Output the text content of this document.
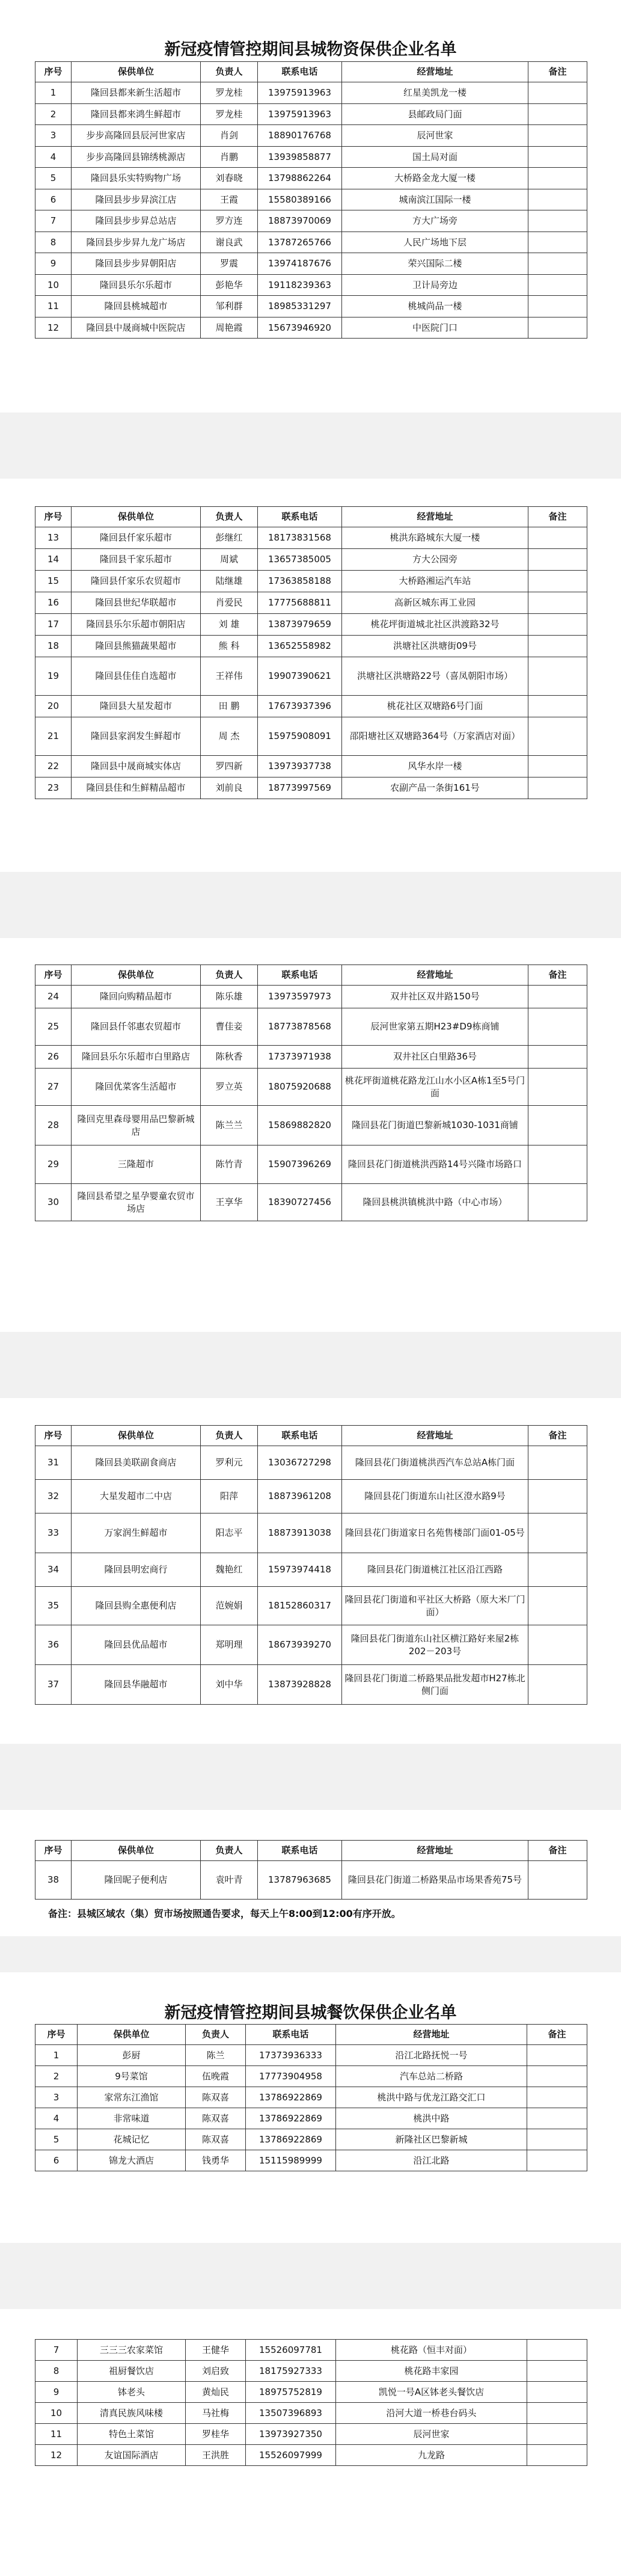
新冠疫情管控期间县城物资保供企业名单
序号	保供单位	负责人	联系电话	经营地址	备注
1	隆回县都来新生活超市	罗龙桂	13975913963	红星美凯龙一楼	
2	隆回县都来鸿生鲜超市	罗龙桂	13975913963	县邮政局门面	
3	步步高隆回县辰河世家店	肖剑	18890176768	辰河世家	
4	步步高隆回县锦绣桃源店	肖鹏	13939858877	国土局对面	
5	隆回县乐实特购物广场	刘春晓	13798862264	大桥路金龙大厦一楼	
6	隆回县步步昇滨江店	王霞	15580389166	城南滨江国际一楼	
7	隆回县步步昇总站店	罗方连	18873970069	方大广场旁	
8	隆回县步步昇九龙广场店	谢良武	13787265766	人民广场地下层	
9	隆回县步步昇朝阳店	罗震	13974187676	荣兴国际二楼	
10	隆回县乐尔乐超市	彭艳华	19118239363	卫计局旁边	
11	隆回县桃城超市	邹利群	18985331297	桃城尚品一楼	
12	隆回县中晟商城中医院店	周艳霞	15673946920	中医院门口	
序号	保供单位	负责人	联系电话	经营地址	备注
13	隆回县仟家乐超市	彭继红	18173831568	桃洪东路城东大厦一楼	
14	隆回县千家乐超市	周斌	13657385005	方大公园旁	
15	隆回县仟家乐农贸超市	陆继雄	17363858188	大桥路湘运汽车站	
16	隆回县世纪华联超市	肖爱民	17775688811	高新区城东再工业园	
17	隆回县乐尔乐超市朝阳店	刘 雄	13873979659	桃花坪街道城北社区洪渡路32号	
18	隆回县熊猫蔬果超市	熊 科	13652558982	洪塘社区洪塘街09号	
19	隆回县佳佳自选超市	王祥伟	19907390621	洪塘社区洪塘路22号（喜凤朝阳市场）	
20	隆回县大星发超市	田 鹏	17673937396	桃花社区双塘路6号门面	
21	隆回县家润发生鲜超市	周 杰	15975908091	邵阳塘社区双塘路364号（万家酒店对面）	
22	隆回县中晟商城实体店	罗四新	13973937738	风华水岸一楼	
23	隆回县佳和生鲜精品超市	刘前良	18773997569	农副产品一条街161号	
序号	保供单位	负责人	联系电话	经营地址	备注
24	隆回向购精品超市	陈乐雄	13973597973	双井社区双井路150号	
25	隆回县仟邻惠农贸超市	曹佳妾	18773878568	辰河世家第五期H23#D9栋商铺	
26	隆回县乐尔乐超市白里路店	陈秋香	17373971938	双井社区白里路36号	
27	隆回优菜客生活超市	罗立英	18075920688	桃花坪街道桃花路龙江山水小区A栋1至5号门面	
28	隆回克里森母婴用品巴黎新城店	陈兰兰	15869882820	隆回县花门街道巴黎新城1030-1031商铺	
29	三隆超市	陈竹青	15907396269	隆回县花门街道桃洪西路14号兴隆市场路口	
30	隆回县希望之星孕婴童农贸市场店	王享华	18390727456	隆回县桃洪镇桃洪中路（中心市场）	
序号	保供单位	负责人	联系电话	经营地址	备注
31	隆回县美联副食商店	罗利元	13036727298	隆回县花门街道桃洪西汽车总站A栋门面	
32	大星发超市二中店	阳萍	18873961208	隆回县花门街道东山社区澄水路9号	
33	万家润生鲜超市	阳志平	18873913038	隆回县花门街道家日名苑售楼部门面01-05号	
34	隆回县明宏商行	魏艳红	15973974418	隆回县花门街道桃江社区沿江西路	
35	隆回县购全惠便利店	范婉娟	18152860317	隆回县花门街道和平社区大桥路（原大米厂门面）	
36	隆回县优品超市	郑明理	18673939270	隆回县花门街道东山社区横江路好来屋2栋202－203号	
37	隆回县华融超市	刘中华	13873928828	隆回县花门街道二桥路果品批发超市H27栋北侧门面	
序号	保供单位	负责人	联系电话	经营地址	备注
38	隆回昵子便利店	袁叶青	13787963685	隆回县花门街道二桥路果品市场果香苑75号	
备注：县城区域农（集）贸市场按照通告要求，每天上午8:00到12:00有序开放。
新冠疫情管控期间县城餐饮保供企业名单
序号	保供单位	负责人	联系电话	经营地址	备注
1	彭厨	陈兰	17373936333	沿江北路抚悦一号	
2	9号菜馆	伍晚霞	17773904958	汽车总站二桥路	
3	家常东江渔馆	陈双喜	13786922869	桃洪中路与优龙江路交汇口	
4	非常味道	陈双喜	13786922869	桃洪中路	
5	花城记忆	陈双喜	13786922869	新隆社区巴黎新城	
6	锦龙大酒店	钱勇华	15115989999	沿江北路	
7	三三三农家菜馆	王健华	15526097781	桃花路（恒丰对面）	
8	祖厨餐饮店	刘启致	18175927333	桃花路丰家园	
9	钵老头	黄灿民	18975752819	凯悦一号A区钵老头餐饮店	
10	清真民族风味楼	马社梅	13507396893	沿河大道一桥巷台码头	
11	特色土菜馆	罗桂华	13973927350	辰河世家	
12	友谊国际酒店	王洪胜	15526097999	九龙路	
